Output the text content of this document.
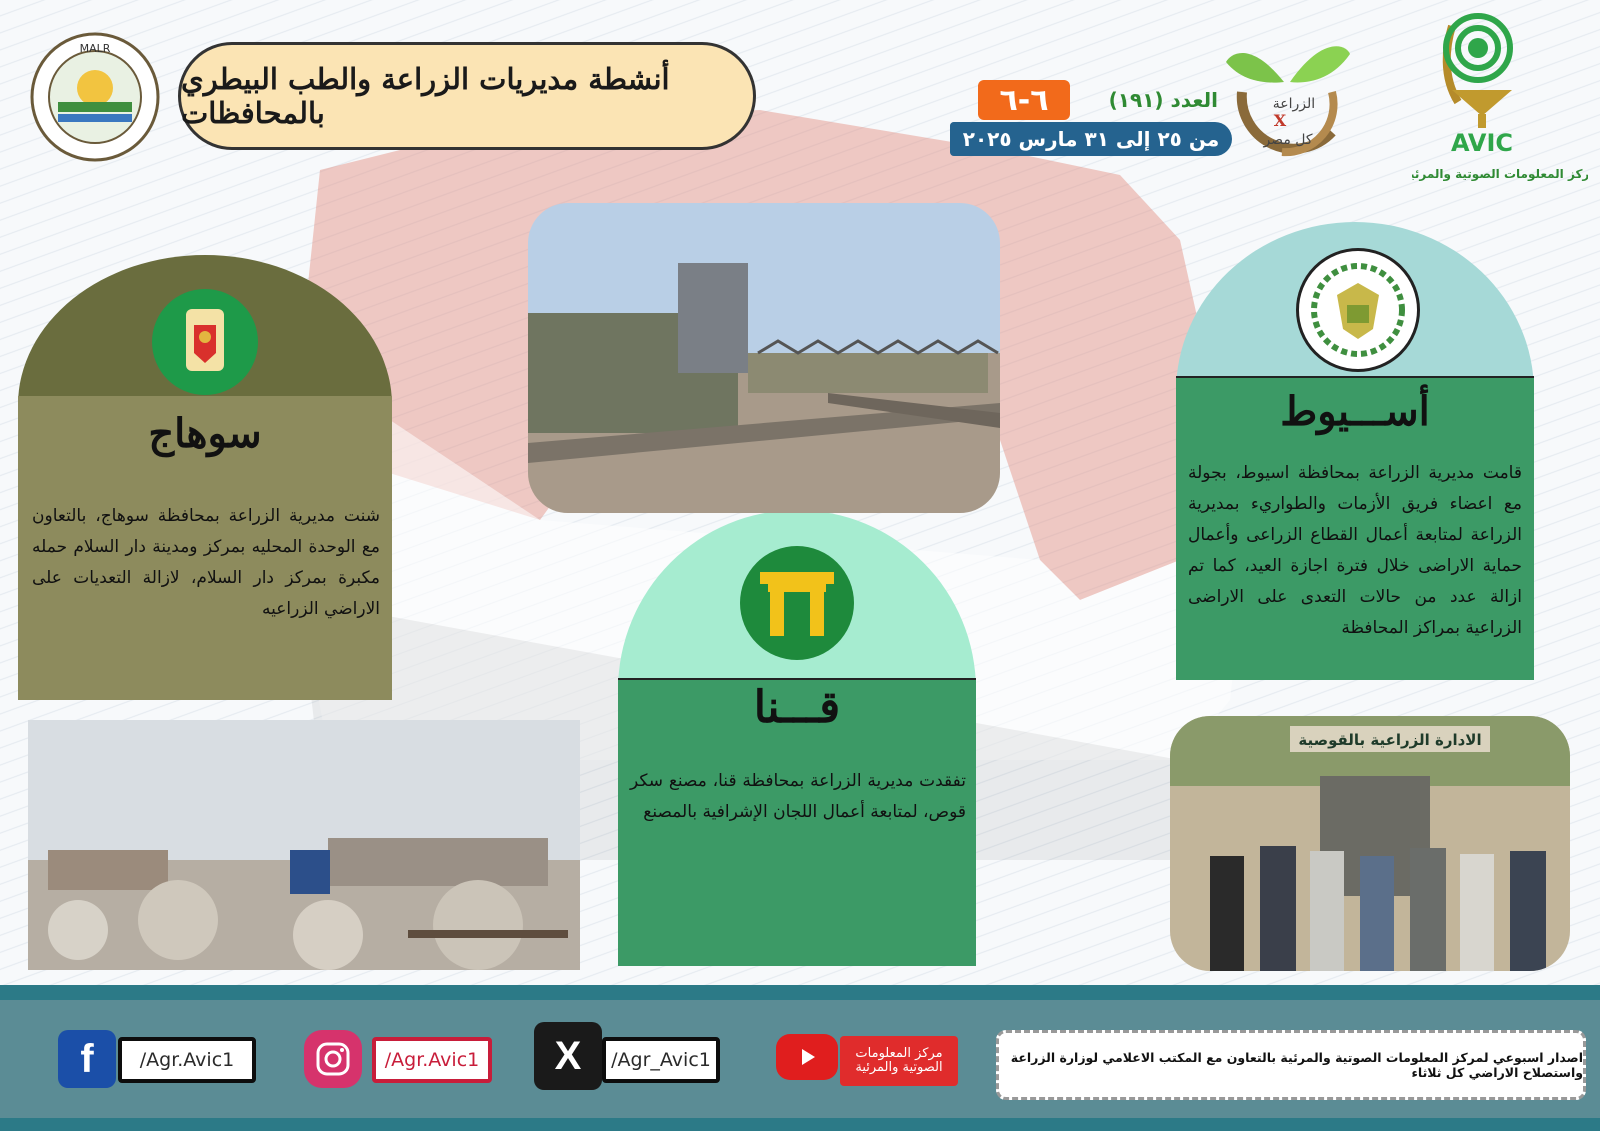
MALR
أنشطة مديريات الزراعة والطب البيطري بالمحافظات	٦-٦	(١٩١) العدد
من ٢٥ إلى ٣١ مارس ٢٠٢٥
الزراعة
X
كل مصر	AVIC
مركز المعلومات الصوتية والمرئية
سوهاج
شنت مديرية الزراعة بمحافظة سوهاج، بالتعاون مع الوحدة المحليه بمركز ومدينة دار السلام حمله مكبرة بمركز دار السلام، لازالة التعديات على الاراضي الزراعيه
قـــنا
تفقدت مديرية الزراعة بمحافظة قنا، مصنع سكر قوص، لمتابعة أعمال اللجان الإشرافية بالمصنع
أســـيوط
قامت مديرية الزراعة بمحافظة اسيوط، بجولة مع اعضاء فريق الأزمات والطواريء بمديرية الزراعة لمتابعة أعمال القطاع الزراعى وأعمال حماية الاراضى خلال فترة اجازة العيد، كما تم ازالة عدد من حالات التعدى على الاراضى الزراعية بمراكز المحافظة
الادارة الزراعية بالقوصية
f	/Agr.Avic1	/Agr.Avic1	X	/Agr_Avic1	مركز المعلومات الصوتية والمرئية
اصدار اسبوعي لمركز المعلومات الصوتية والمرئية بالتعاون مع المكتب الاعلامي لوزارة الزراعة واستصلاح الاراضي كل ثلاثاء
